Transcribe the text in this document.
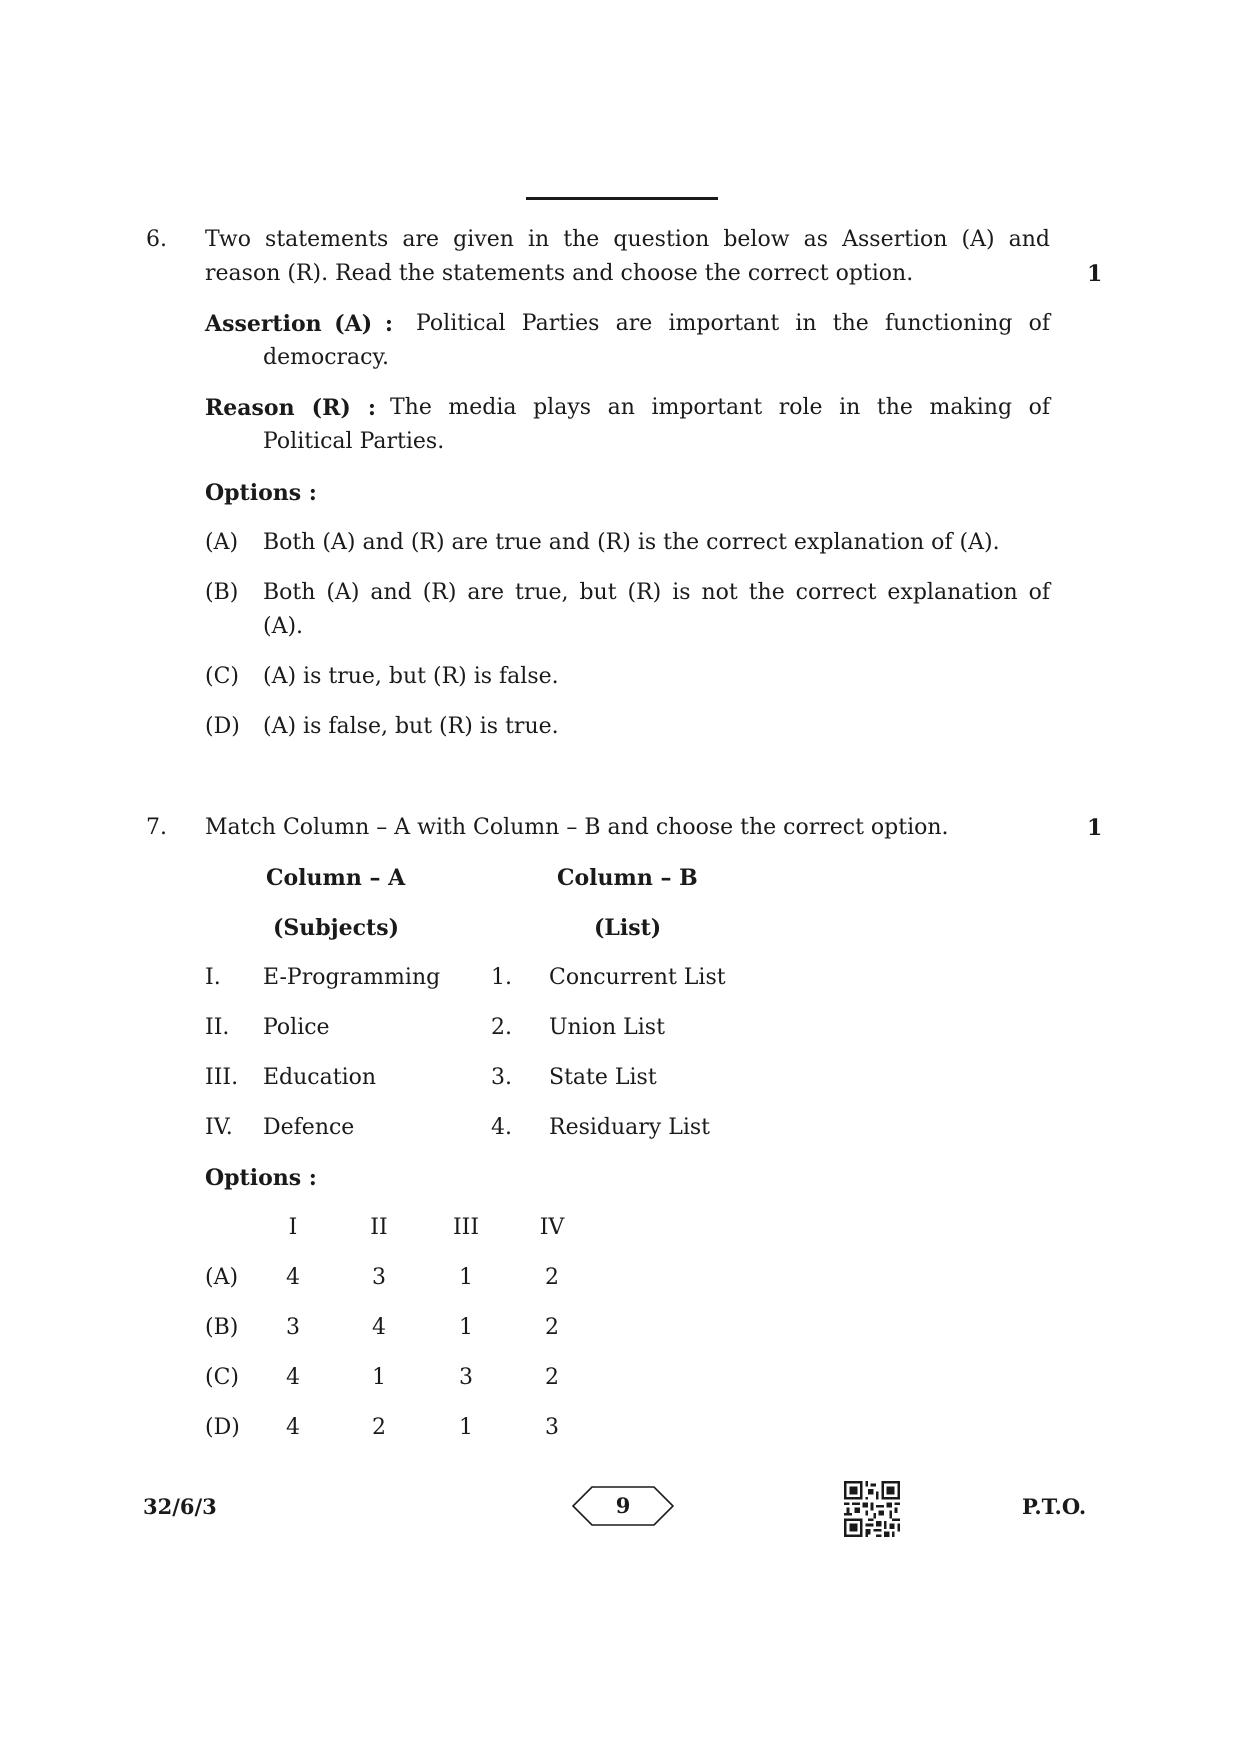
6. Two statements are given in the question below as Assertion (A) and
reason (R). Read the statements and choose the correct option.	1
Assertion (A) : Political Parties are important in the functioning of
democracy.
Reason (R) : The media plays an important role in the making of
Political Parties.
Options :
(A) Both (A) and (R) are true and (R) is the correct explanation of (A).
(B) Both (A) and (R) are true, but (R) is not the correct explanation of
(A).
(C) (A) is true, but (R) is false.
(D) (A) is false, but (R) is true.
7. Match Column – A with Column – B and choose the correct option.	1
Column – A	Column – B
(Subjects)	(List)
I. E-Programming 1. Concurrent List
II. Police	2. Union List
III. Education	3. State List
IV. Defence	4. Residuary List
Options :
I	II	III	IV
(A)	4	3	1	2
(B)	3	4	1	2
(C)	4	1	3	2
(D)	4	2	1	3
32/6/3	9	P.T.O.
